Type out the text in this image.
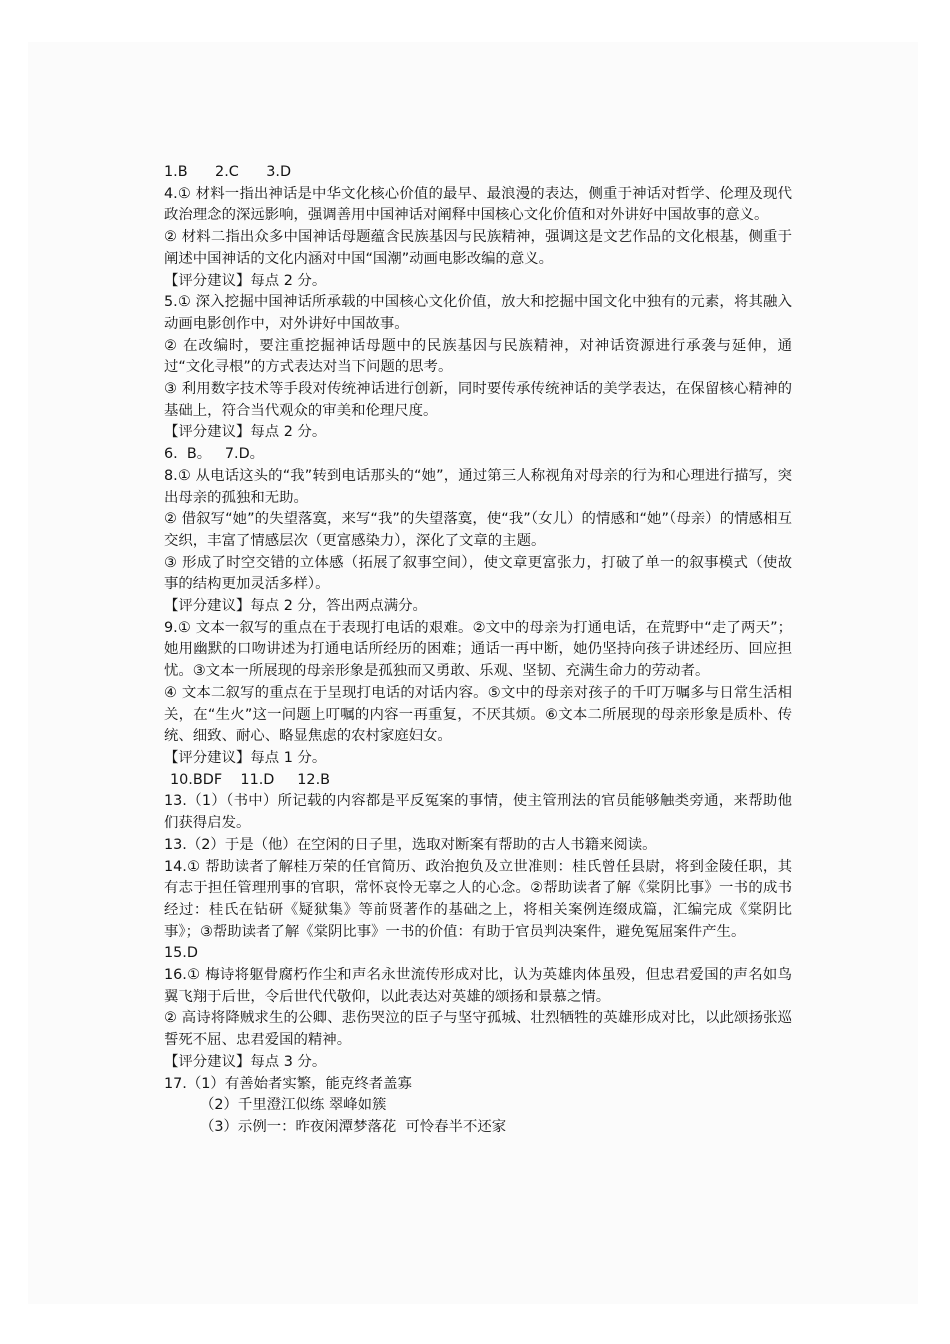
1.B      2.C      3.D

4.① 材料一指出神话是中华文化核心价值的最早、最浪漫的表达，侧重于神话对哲学、伦理及现代政治理念的深远影响，强调善用中国神话对阐释中国核心文化价值和对外讲好中国故事的意义。

② 材料二指出众多中国神话母题蕴含民族基因与民族精神，强调这是文艺作品的文化根基，侧重于阐述中国神话的文化内涵对中国“国潮”动画电影改编的意义。

【评分建议】每点 2 分。

5.① 深入挖掘中国神话所承载的中国核心文化价值，放大和挖掘中国文化中独有的元素，将其融入动画电影创作中，对外讲好中国故事。

② 在改编时，要注重挖掘神话母题中的民族基因与民族精神，对神话资源进行承袭与延伸，通过“文化寻根”的方式表达对当下问题的思考。

③ 利用数字技术等手段对传统神话进行创新，同时要传承传统神话的美学表达，在保留核心精神的基础上，符合当代观众的审美和伦理尺度。

【评分建议】每点 2 分。

6.  B。   7.D。

8.① 从电话这头的“我”转到电话那头的“她”，通过第三人称视角对母亲的行为和心理进行描写，突出母亲的孤独和无助。

② 借叙写“她”的失望落寞，来写“我”的失望落寞，使“我”（女儿）的情感和“她”（母亲）的情感相互交织，丰富了情感层次（更富感染力），深化了文章的主题。

③ 形成了时空交错的立体感（拓展了叙事空间），使文章更富张力，打破了单一的叙事模式（使故事的结构更加灵活多样）。

【评分建议】每点 2 分，答出两点满分。

9.① 文本一叙写的重点在于表现打电话的艰难。②文中的母亲为打通电话，在荒野中“走了两天”；她用幽默的口吻讲述为打通电话所经历的困难；通话一再中断，她仍坚持向孩子讲述经历、回应担忧。③文本一所展现的母亲形象是孤独而又勇敢、乐观、坚韧、充满生命力的劳动者。

④ 文本二叙写的重点在于呈现打电话的对话内容。⑤文中的母亲对孩子的千叮万嘱多与日常生活相关，在“生火”这一问题上叮嘱的内容一再重复，不厌其烦。⑥文本二所展现的母亲形象是质朴、传统、细致、耐心、略显焦虑的农村家庭妇女。

【评分建议】每点 1 分。

10.BDF    11.D     12.B

13.（1）（书中）所记载的内容都是平反冤案的事情，使主管刑法的官员能够触类旁通，来帮助他们获得启发。

13.（2）于是（他）在空闲的日子里，选取对断案有帮助的古人书籍来阅读。

14.① 帮助读者了解桂万荣的任官简历、政治抱负及立世准则：桂氏曾任县尉，将到金陵任职，其有志于担任管理刑事的官职，常怀哀怜无辜之人的心念。②帮助读者了解《棠阴比事》一书的成书经过：桂氏在钻研《疑狱集》等前贤著作的基础之上，将相关案例连缀成篇，汇编完成《棠阴比事》；③帮助读者了解《棠阴比事》一书的价值：有助于官员判决案件，避免冤屈案件产生。

15.D

16.① 梅诗将躯骨腐朽作尘和声名永世流传形成对比，认为英雄肉体虽殁，但忠君爱国的声名如鸟翼飞翔于后世，令后世代代敬仰，以此表达对英雄的颂扬和景慕之情。

② 高诗将降贼求生的公卿、悲伤哭泣的臣子与坚守孤城、壮烈牺牲的英雄形成对比，以此颂扬张巡誓死不屈、忠君爱国的精神。

【评分建议】每点 3 分。

17.（1）有善始者实繁，能克终者盖寡

（2）千里澄江似练 翠峰如簇

（3）示例一：昨夜闲潭梦落花  可怜春半不还家
